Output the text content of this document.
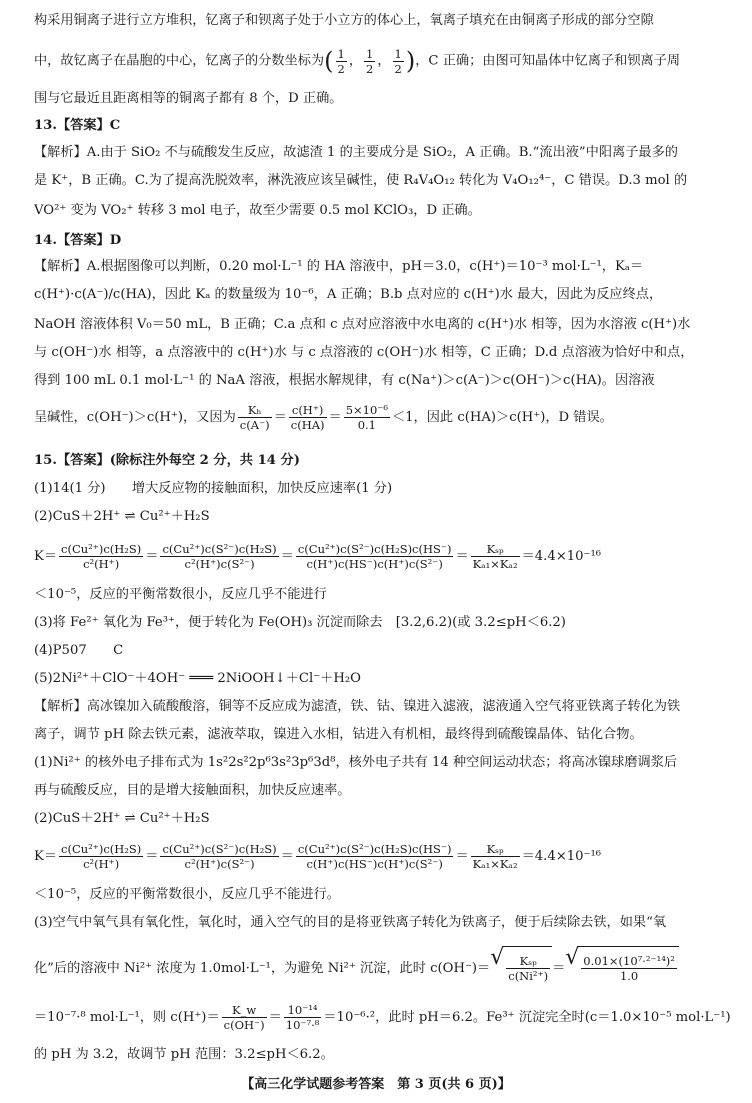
构采用铜离子进行立方堆积，钇离子和钡离子处于小立方的体心上，氧离子填充在由铜离子形成的部分空隙
中，故钇离子在晶胞的中心，钇离子的分数坐标为( $\frac{1}{2}$ ， $\frac{1}{2}$ ， $\frac{1}{2}$ )，C 正确；由图可知晶体中钇离子和钡离子周
围与它最近且距离相等的铜离子都有 8 个，D 正确。
13.【答案】C
【解析】A.由于 SiO₂ 不与硫酸发生反应，故滤渣 1 的主要成分是 SiO₂，A 正确。B.“流出液”中阳离子最多的
是 K⁺，B 正确。C.为了提高洗脱效率，淋洗液应该呈碱性，使 R₄V₄O₁₂ 转化为 V₄O₁₂⁴⁻，C 错误。D.3 mol 的
VO²⁺ 变为 VO₂⁺ 转移 3 mol 电子，故至少需要 0.5 mol KClO₃，D 正确。
14.【答案】D
【解析】A.根据图像可以判断，0.20 mol·L⁻¹ 的 HA 溶液中，pH＝3.0，c(H⁺)＝10⁻³ mol·L⁻¹，Kₐ＝
c(H⁺)·c(A⁻)/c(HA)，因此 Kₐ 的数量级为 10⁻⁶，A 正确；B.b 点对应的 c(H⁺)水 最大，因此为反应终点，
NaOH 溶液体积 V₀＝50 mL，B 正确；C.a 点和 c 点对应溶液中水电离的 c(H⁺)水 相等，因为水溶液 c(H⁺)水
与 c(OH⁻)水 相等，a 点溶液中的 c(H⁺)水 与 c 点溶液的 c(OH⁻)水 相等，C 正确；D.d 点溶液为恰好中和点，
得到 100 mL 0.1 mol·L⁻¹ 的 NaA 溶液，根据水解规律，有 c(Na⁺)＞c(A⁻)＞c(OH⁻)＞c(HA)。因溶液
呈碱性，c(OH⁻)＞c(H⁺)，又因为 $\frac{\text{Kₕ}}{c(A^-)} = \frac{c(H^+)}{c(HA)} = \frac{\text{5×10⁻⁶}}{0.1} <1$，因此 c(HA)＞c(H⁺)，D 错误。
15.【答案】(除标注外每空 2 分，共 14 分)
(1)14(1 分)　　增大反应物的接触面积，加快反应速率(1 分)
(2)CuS＋2H⁺ ⇌ Cu²⁺＋H₂S
$K= \frac{\text{c(Cu²⁺)c(H₂S)}}{\text{c²(H⁺)}} = \frac{\text{c(Cu²⁺)c(S²⁻)c(H₂S)}}{\text{c²(H⁺)c(S²⁻)}} = \frac{\text{c(Cu²⁺)c(S²⁻)c(H₂S)c(HS⁻)}}{\text{c(H⁺)c(HS⁻)c(H⁺)c(S²⁻)}} = \frac{\text{Kₛₚ}}{\text{Kₐ₁×Kₐ₂}} =4.4\times 10^{-16}$
＜10⁻⁵，反应的平衡常数很小，反应几乎不能进行
(3)将 Fe²⁺ 氧化为 Fe³⁺，便于转化为 Fe(OH)₃ 沉淀而除去　[3.2,6.2)(或 3.2≤pH＜6.2)
(4)P507　　C
(5)2Ni²⁺＋ClO⁻＋4OH⁻ ═══ 2NiOOH↓＋Cl⁻＋H₂O
【解析】高冰镍加入硫酸酸溶，铜等不反应成为滤渣，铁、钴、镍进入滤液，滤液通入空气将亚铁离子转化为铁
离子，调节 pH 除去铁元素，滤液萃取，镍进入水相，钴进入有机相，最终得到硫酸镍晶体、钴化合物。
(1)Ni²⁺ 的核外电子排布式为 1s²2s²2p⁶3s²3p⁶3d⁸，核外电子共有 14 种空间运动状态；将高冰镍球磨调浆后
再与硫酸反应，目的是增大接触面积，加快反应速率。
(2)CuS＋2H⁺ ⇌ Cu²⁺＋H₂S
$K= \frac{\text{c(Cu²⁺)c(H₂S)}}{\text{c²(H⁺)}} = \frac{\text{c(Cu²⁺)c(S²⁻)c(H₂S)}}{\text{c²(H⁺)c(S²⁻)}} = \frac{\text{c(Cu²⁺)c(S²⁻)c(H₂S)c(HS⁻)}}{\text{c(H⁺)c(HS⁻)c(H⁺)c(S²⁻)}} = \frac{\text{Kₛₚ}}{\text{Kₐ₁×Kₐ₂}} =4.4\times 10^{-16}$
＜10⁻⁵，反应的平衡常数很小，反应几乎不能进行。
(3)空气中氧气具有氧化性，氧化时，通入空气的目的是将亚铁离子转化为铁离子，便于后续除去铁，如果“氧
化”后的溶液中 Ni²⁺ 浓度为 1.0mol·L⁻¹，为避免 Ni²⁺ 沉淀，此时 c(OH⁻)＝ √ $\frac{\text{Kₛₚ}}{\text{c(Ni²⁺)}}$ ＝ √ $\frac{\text{0.01×(10⁷·²⁻¹⁴)²}}{1.0}$
＝10⁻⁷·⁸ mol·L⁻¹，则 $c(H^+)= \frac{K\_w}{c(OH^-)} = \frac{\text{10⁻¹⁴}}{\text{10⁻⁷·⁸}} =10^{-6}\cdot^2$，此时 pH＝6.2。Fe³⁺ 沉淀完全时(c＝1.0×10⁻⁵ mol·L⁻¹)
的 pH 为 3.2，故调节 pH 范围：3.2≤pH＜6.2。
【高三化学试题参考答案　第 3 页(共 6 页)】
